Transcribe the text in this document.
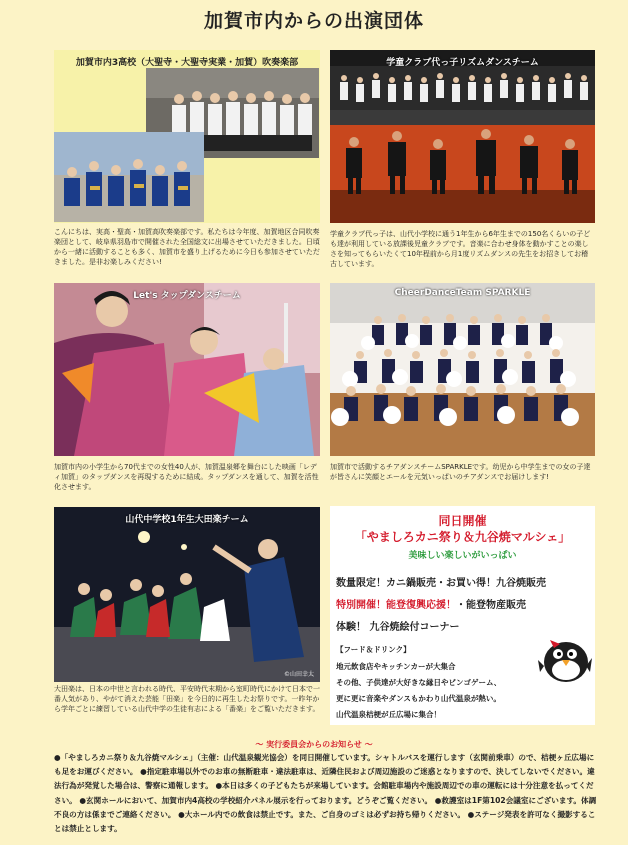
加賀市内からの出演団体
加賀市内3高校（大聖寺・大聖寺実業・加賀）吹奏楽部
こんにちは、実高・聖高・加賀高吹奏楽部です。私たちは今年度、加賀地区合同吹奏楽団として、岐阜県羽島市で開催された全国総文に出場させていただきました。日頃から一緒に活動することも多く、加賀市を盛り上げるために今日も参加させていただきました。是非お楽しみください!
学童クラブ代っ子リズムダンスチーム
学童クラブ代っ子は、山代小学校に通う1年生から6年生までの150名くらいの子ども達が利用している放課後児童クラブです。音楽に合わせ身体を動かすことの楽しさを知ってもらいたくて10年程前から月1度リズムダンスの先生をお招きしてお稽古しています。
Let's タップダンスチーム
加賀市内の小学生から70代までの女性40人が、加賀温泉郷を舞台にした映画「レディ加賀」のタップダンスを再現するために結成。タップダンスを通して、加賀を活性化させます。
CheerDanceTeam SPARKLE
加賀市で活動するチアダンスチームSPARKLEです。幼児から中学生までの女の子達が皆さんに笑顔とエールを元気いっぱいのチアダンスでお届けします!
山代中学校1年生大田楽チーム
©山田幸太
大田楽は、日本の中世と言われる時代、平安時代末期から室町時代にかけて日本で一番人気があり、やがて消えた芸能「田楽」を今日的に再生したお祭りです。一昨年から学年ごとに練習している山代中学の生徒有志による「番楽」をご覧いただきます。
同日開催
「やましろカニ祭り＆九谷焼マルシェ」
美味しい楽しいがいっぱい
数量限定！カニ鍋販売・お買い得！九谷焼販売
特別開催！能登復興応援！・能登物産販売
体験！ 九谷焼絵付コーナー
【フード＆ドリンク】
地元飲食店やキッチンカーが大集合
その他、子供達が大好きな縁日やビンゴゲーム、
更に更に音楽やダンスもかわり山代温泉が熱い。
山代温泉桔梗が丘広場に集合！
～ 実行委員会からのお知らせ ～
●「やましろカニ祭り＆九谷焼マルシェ」（主催：山代温泉観光協会）を同日開催しています。シャトルバスを運行します（玄関前乗車）ので、桔梗ヶ丘広場にも足をお運びください。 ●指定駐車場以外でのお車の無断駐車・違法駐車は、近隣住民および周辺施設のご迷惑となりますので、決してしないでください。違法行為が発覚した場合は、警察に通報します。 ●本日は多くの子どもたちが来場しています。会館駐車場内や施設周辺での車の運転には十分注意を払ってください。 ●玄関ホールにおいて、加賀市内4高校の学校紹介パネル展示を行っております。どうぞご覧ください。 ●救護室は1F第102会議室にございます。体調不良の方は係までご連絡ください。 ●大ホール内での飲食は禁止です。また、ご自身のゴミは必ずお持ち帰りください。 ●ステージ発表を許可なく撮影することは禁止とします。
